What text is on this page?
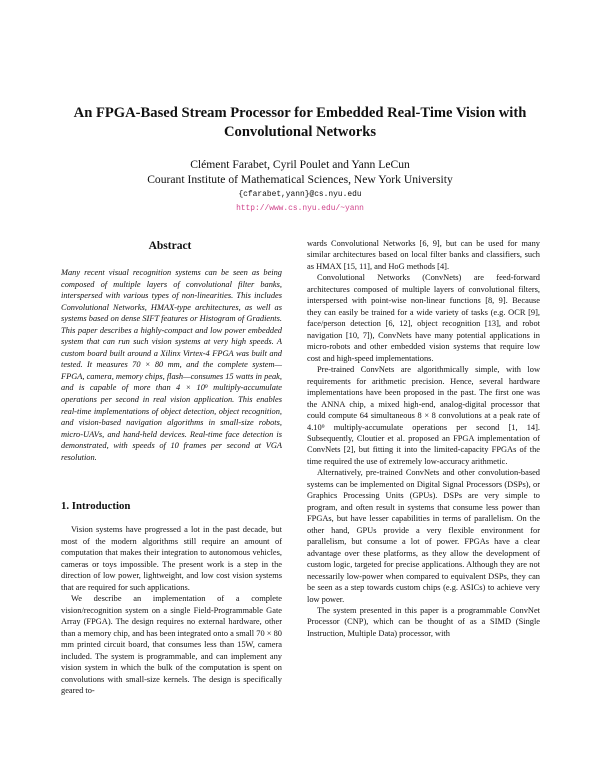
An FPGA-Based Stream Processor for Embedded Real-Time Vision with Convolutional Networks
Clément Farabet, Cyril Poulet and Yann LeCun
Courant Institute of Mathematical Sciences, New York University
{cfarabet,yann}@cs.nyu.edu
http://www.cs.nyu.edu/~yann
Abstract
Many recent visual recognition systems can be seen as being composed of multiple layers of convolutional filter banks, interspersed with various types of non-linearities. This includes Convolutional Networks, HMAX-type architectures, as well as systems based on dense SIFT features or Histogram of Gradients. This paper describes a highly-compact and low power embedded system that can run such vision systems at very high speeds. A custom board built around a Xilinx Virtex-4 FPGA was built and tested. It measures 70 × 80 mm, and the complete system—FPGA, camera, memory chips, flash—consumes 15 watts in peak, and is capable of more than 4 × 10⁹ multiply-accumulate operations per second in real vision application. This enables real-time implementations of object detection, object recognition, and vision-based navigation algorithms in small-size robots, micro-UAVs, and hand-held devices. Real-time face detection is demonstrated, with speeds of 10 frames per second at VGA resolution.
1. Introduction

Vision systems have progressed a lot in the past decade, but most of the modern algorithms still require an amount of computation that makes their integration to autonomous vehicles, cameras or toys impossible. The present work is a step in the direction of low power, lightweight, and low cost vision systems that are required for such applications.

We describe an implementation of a complete vision/recognition system on a single Field-Programmable Gate Array (FPGA). The design requires no external hardware, other than a memory chip, and has been integrated onto a small 70 × 80 mm printed circuit board, that consumes less than 15W, camera included. The system is programmable, and can implement any vision system in which the bulk of the computation is spent on convolutions with small-size kernels. The design is specifically geared to-

wards Convolutional Networks [6, 9], but can be used for many similar architectures based on local filter banks and classifiers, such as HMAX [15, 11], and HoG methods [4].

Convolutional Networks (ConvNets) are feed-forward architectures composed of multiple layers of convolutional filters, interspersed with point-wise non-linear functions [8, 9]. Because they can easily be trained for a wide variety of tasks (e.g. OCR [9], face/person detection [6, 12], object recognition [13], and robot navigation [10, 7]), ConvNets have many potential applications in micro-robots and other embedded vision systems that require low cost and high-speed implementations.

Pre-trained ConvNets are algorithmically simple, with low requirements for arithmetic precision. Hence, several hardware implementations have been proposed in the past. The first one was the ANNA chip, a mixed high-end, analog-digital processor that could compute 64 simultaneous 8 × 8 convolutions at a peak rate of 4.10⁹ multiply-accumulate operations per second [1, 14]. Subsequently, Cloutier et al. proposed an FPGA implementation of ConvNets [2], but fitting it into the limited-capacity FPGAs of the time required the use of extremely low-accuracy arithmetic.

Alternatively, pre-trained ConvNets and other convolution-based systems can be implemented on Digital Signal Processors (DSPs), or Graphics Processing Units (GPUs). DSPs are very simple to program, and often result in systems that consume less power than FPGAs, but have lesser capabilities in terms of parallelism. On the other hand, GPUs provide a very flexible environment for parallelism, but consume a lot of power. FPGAs have a clear advantage over these platforms, as they allow the development of custom logic, targeted for precise applications. Although they are not necessarily low-power when compared to equivalent DSPs, they can be seen as a step towards custom chips (e.g. ASICs) to achieve very low power.

The system presented in this paper is a programmable ConvNet Processor (CNP), which can be thought of as a SIMD (Single Instruction, Multiple Data) processor, with
